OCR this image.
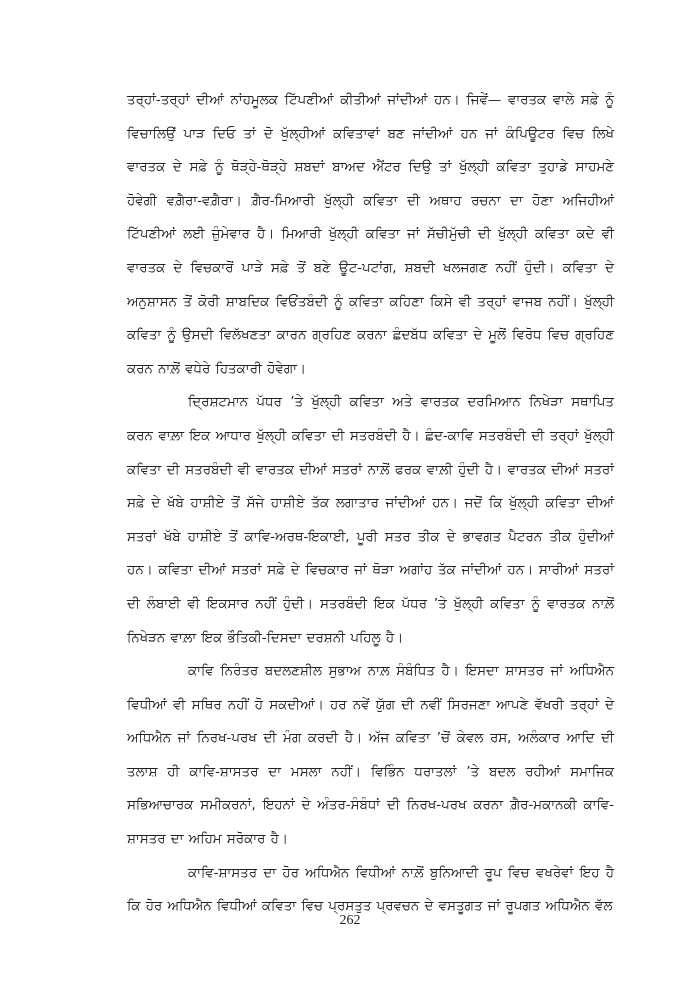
ਤਰ੍ਹਾਂ-ਤਰ੍ਹਾਂ ਦੀਆਂ ਨਾਂਹਮੂਲਕ ਟਿੱਪਣੀਆਂ ਕੀਤੀਆਂ ਜਾਂਦੀਆਂ ਹਨ। ਜਿਵੇਂ— ਵਾਰਤਕ ਵਾਲੇ ਸਫ਼ੇ ਨੂੰ ਵਿਚਾਲਿਉਂ ਪਾੜ ਦਿਓ ਤਾਂ ਦੋ ਖੁੱਲ੍ਹੀਆਂ ਕਵਿਤਾਵਾਂ ਬਣ ਜਾਂਦੀਆਂ ਹਨ ਜਾਂ ਕੰਪਿਊਟਰ ਵਿਚ ਲਿਖੇ ਵਾਰਤਕ ਦੇ ਸਫ਼ੇ ਨੂੰ ਥੋੜ੍ਹੇ-ਥੋੜ੍ਹੇ ਸ਼ਬਦਾਂ ਬਾਅਦ ਐਂਟਰ ਦਿਉ ਤਾਂ ਖੁੱਲ੍ਹੀ ਕਵਿਤਾ ਤੁਹਾਡੇ ਸਾਹਮਣੇ ਹੋਵੇਗੀ ਵਗ਼ੈਰਾ-ਵਗ਼ੈਰਾ। ਗ਼ੈਰ-ਮਿਆਰੀ ਖੁੱਲ੍ਹੀ ਕਵਿਤਾ ਦੀ ਅਥਾਹ ਰਚਨਾ ਦਾ ਹੋਣਾ ਅਜਿਹੀਆਂ ਟਿੱਪਣੀਆਂ ਲਈ ਜ਼ੁੰਮੇਵਾਰ ਹੈ। ਮਿਆਰੀ ਖੁੱਲ੍ਹੀ ਕਵਿਤਾ ਜਾਂ ਸੱਚੀਮੁੱਚੀ ਦੀ ਖੁੱਲ੍ਹੀ ਕਵਿਤਾ ਕਦੇ ਵੀ ਵਾਰਤਕ ਦੇ ਵਿਚਕਾਰੋਂ ਪਾੜੇ ਸਫ਼ੇ ਤੋਂ ਬਣੇ ਊਟ-ਪਟਾਂਗ, ਸ਼ਬਦੀ ਖਲਜਗਣ ਨਹੀਂ ਹੁੰਦੀ। ਕਵਿਤਾ ਦੇ ਅਨੁਸ਼ਾਸਨ ਤੋਂ ਕੋਰੀ ਸ਼ਾਬਦਿਕ ਵਿਓਂਤਬੰਦੀ ਨੂੰ ਕਵਿਤਾ ਕਹਿਣਾ ਕਿਸੇ ਵੀ ਤਰ੍ਹਾਂ ਵਾਜਬ ਨਹੀਂ। ਖੁੱਲ੍ਹੀ ਕਵਿਤਾ ਨੂੰ ਉਸਦੀ ਵਿਲੱਖਣਤਾ ਕਾਰਨ ਗ੍ਰਹਿਣ ਕਰਨਾ ਛੰਦਬੱਧ ਕਵਿਤਾ ਦੇ ਮੂਲੋਂ ਵਿਰੋਧ ਵਿਚ ਗ੍ਰਹਿਣ ਕਰਨ ਨਾਲ਼ੋਂ ਵਧੇਰੇ ਹਿਤਕਾਰੀ ਹੋਵੇਗਾ।

ਦ੍ਰਿਸ਼ਟਮਾਨ ਪੱਧਰ ’ਤੇ ਖੁੱਲ੍ਹੀ ਕਵਿਤਾ ਅਤੇ ਵਾਰਤਕ ਦਰਮਿਆਨ ਨਿਖੇੜਾ ਸਥਾਪਿਤ ਕਰਨ ਵਾਲ਼ਾ ਇਕ ਆਧਾਰ ਖੁੱਲ੍ਹੀ ਕਵਿਤਾ ਦੀ ਸਤਰਬੰਦੀ ਹੈ। ਛੰਦ-ਕਾਵਿ ਸਤਰਬੰਦੀ ਦੀ ਤਰ੍ਹਾਂ ਖੁੱਲ੍ਹੀ ਕਵਿਤਾ ਦੀ ਸਤਰਬੰਦੀ ਵੀ ਵਾਰਤਕ ਦੀਆਂ ਸਤਰਾਂ ਨਾਲ਼ੋਂ ਫਰਕ ਵਾਲ਼ੀ ਹੁੰਦੀ ਹੈ। ਵਾਰਤਕ ਦੀਆਂ ਸਤਰਾਂ ਸਫ਼ੇ ਦੇ ਖੱਬੇ ਹਾਸ਼ੀਏ ਤੋਂ ਸੱਜੇ ਹਾਸ਼ੀਏ ਤੱਕ ਲਗਾਤਾਰ ਜਾਂਦੀਆਂ ਹਨ। ਜਦੋਂ ਕਿ ਖੁੱਲ੍ਹੀ ਕਵਿਤਾ ਦੀਆਂ ਸਤਰਾਂ ਖੱਬੇ ਹਾਸ਼ੀਏ ਤੋਂ ਕਾਵਿ-ਅਰਥ-ਇਕਾਈ, ਪੂਰੀ ਸਤਰ ਤੀਕ ਦੇ ਭਾਵਗਤ ਪੈਟਰਨ ਤੀਕ ਹੁੰਦੀਆਂ ਹਨ। ਕਵਿਤਾ ਦੀਆਂ ਸਤਰਾਂ ਸਫ਼ੇ ਦੇ ਵਿਚਕਾਰ ਜਾਂ ਥੋੜਾ ਅਗਾਂਹ ਤੱਕ ਜਾਂਦੀਆਂ ਹਨ। ਸਾਰੀਆਂ ਸਤਰਾਂ ਦੀ ਲੰਬਾਈ ਵੀ ਇਕਸਾਰ ਨਹੀਂ ਹੁੰਦੀ। ਸਤਰਬੰਦੀ ਇਕ ਪੱਧਰ ’ਤੇ ਖੁੱਲ੍ਹੀ ਕਵਿਤਾ ਨੂੰ ਵਾਰਤਕ ਨਾਲ਼ੋਂ ਨਿਖੇੜਨ ਵਾਲ਼ਾ ਇਕ ਭੌਤਿਕੀ-ਦਿਸਦਾ ਦਰਸ਼ਨੀ ਪਹਿਲੂ ਹੈ।

ਕਾਵਿ ਨਿਰੰਤਰ ਬਦਲਣਸ਼ੀਲ ਸੁਭਾਅ ਨਾਲ਼ ਸੰਬੰਧਿਤ ਹੈ। ਇਸਦਾ ਸ਼ਾਸਤਰ ਜਾਂ ਅਧਿਐਨ ਵਿਧੀਆਂ ਵੀ ਸਥਿਰ ਨਹੀਂ ਹੋ ਸਕਦੀਆਂ। ਹਰ ਨਵੇਂ ਯੁੱਗ ਦੀ ਨਵੀਂ ਸਿਰਜਣਾ ਆਪਣੇ ਵੱਖਰੀ ਤਰ੍ਹਾਂ ਦੇ ਅਧਿਐਨ ਜਾਂ ਨਿਰਖ-ਪਰਖ ਦੀ ਮੰਗ ਕਰਦੀ ਹੈ। ਅੱਜ ਕਵਿਤਾ ’ਚੋਂ ਕੇਵਲ ਰਸ, ਅਲੰਕਾਰ ਆਦਿ ਦੀ ਤਲਾਸ਼ ਹੀ ਕਾਵਿ-ਸ਼ਾਸਤਰ ਦਾ ਮਸਲਾ ਨਹੀਂ। ਵਿਭਿੰਨ ਧਰਾਤਲਾਂ ’ਤੇ ਬਦਲ ਰਹੀਆਂ ਸਮਾਜਿਕ ਸਭਿਆਚਾਰਕ ਸਮੀਕਰਨਾਂ, ਇਹਨਾਂ ਦੇ ਅੰਤਰ-ਸੰਬੰਧਾਂ ਦੀ ਨਿਰਖ-ਪਰਖ ਕਰਨਾ ਗ਼ੈਰ-ਮਕਾਨਕੀ ਕਾਵਿ-ਸ਼ਾਸਤਰ ਦਾ ਅਹਿਮ ਸਰੋਕਾਰ ਹੈ।

ਕਾਵਿ-ਸ਼ਾਸਤਰ ਦਾ ਹੋਰ ਅਧਿਐਨ ਵਿਧੀਆਂ ਨਾਲ਼ੋਂ ਬੁਨਿਆਦੀ ਰੂਪ ਵਿਚ ਵਖਰੇਵਾਂ ਇਹ ਹੈ ਕਿ ਹੋਰ ਅਧਿਐਨ ਵਿਧੀਆਂ ਕਵਿਤਾ ਵਿਚ ਪ੍ਰਸਤੁਤ ਪ੍ਰਵਚਨ ਦੇ ਵਸਤੂਗਤ ਜਾਂ ਰੂਪਗਤ ਅਧਿਐਨ ਵੱਲ

262
